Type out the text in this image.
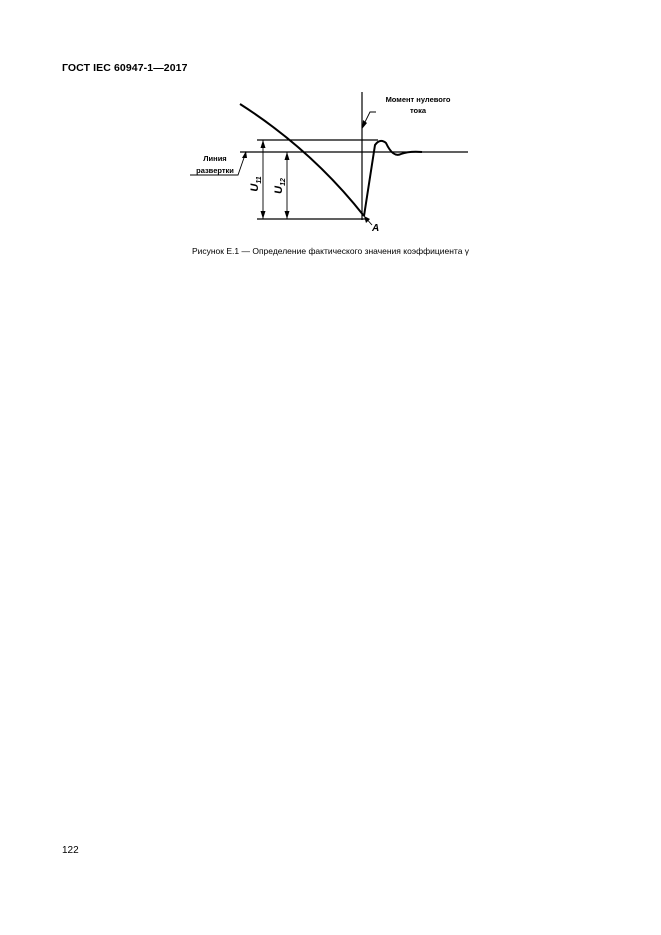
ГОСТ IEC 60947-1—2017
Момент нулевого
тока
Линия
развертки
$U_{11}$
$U_{12}$
A
Рисунок Е.1 — Определение фактического значения коэффициента γ
122
